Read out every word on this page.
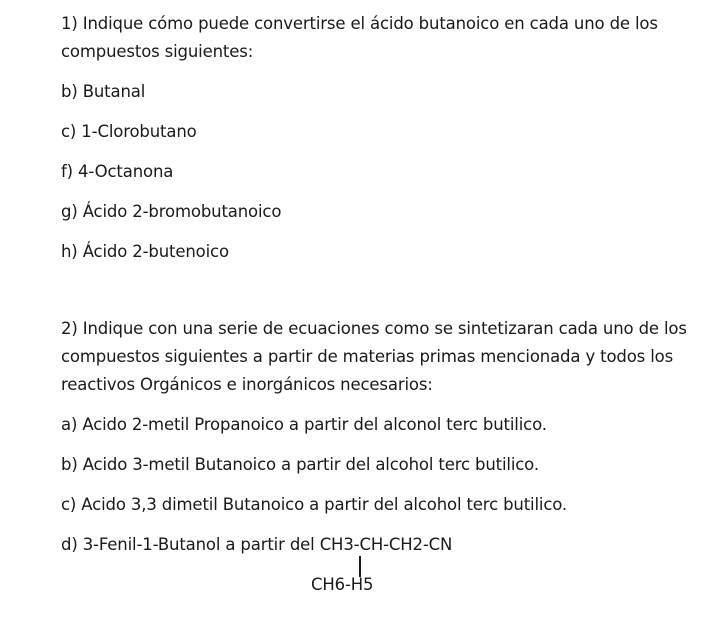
1) Indique cómo puede convertirse el ácido butanoico en cada uno de los
compuestos siguientes:
b) Butanal
c) 1-Clorobutano
f) 4-Octanona
g) Ácido 2-bromobutanoico
h) Ácido 2-butenoico
2) Indique con una serie de ecuaciones como se sintetizaran cada uno de los
compuestos siguientes a partir de materias primas mencionada y todos los
reactivos Orgánicos e inorgánicos necesarios:
a) Acido 2-metil Propanoico a partir del alconol terc butilico.
b) Acido 3-metil Butanoico a partir del alcohol terc butilico.
c) Acido 3,3 dimetil Butanoico a partir del alcohol terc butilico.
d) 3-Fenil-1-Butanol a partir del CH3-CH-CH2-CN
CH6-H5
